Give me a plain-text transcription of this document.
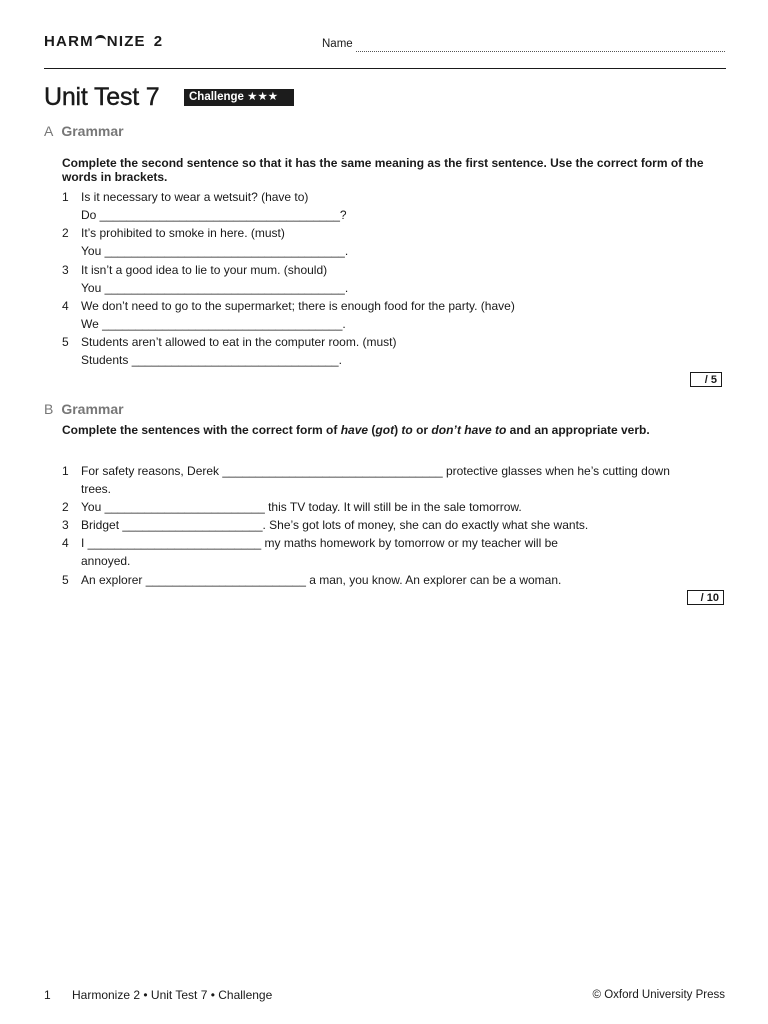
HARM NIZE 2	Name
Unit Test 7	Challenge ★★★
A Grammar
Complete the second sentence so that it has the same meaning as the first sentence. Use the correct form of the words in brackets.
1 Is it necessary to wear a wetsuit? (have to)
Do ____________________________________?
2 It’s prohibited to smoke in here. (must)
You ____________________________________.
3 It isn’t a good idea to lie to your mum. (should)
You ____________________________________.
4 We don’t need to go to the supermarket; there is enough food for the party. (have)
We ____________________________________.
5 Students aren’t allowed to eat in the computer room. (must)
Students _______________________________.
/ 5
B Grammar
Complete the sentences with the correct form of have (got) to or don’t have to and an appropriate verb.
1 For safety reasons, Derek _________________________________ protective glasses when he’s cutting down trees.
2 You ________________________ this TV today. It will still be in the sale tomorrow.
3 Bridget _____________________. She’s got lots of money, she can do exactly what she wants.
4 I __________________________ my maths homework by tomorrow or my teacher will be annoyed.
5 An explorer ________________________ a man, you know. An explorer can be a woman.
/ 10
1 Harmonize 2 • Unit Test 7 • Challenge	© Oxford University Press
